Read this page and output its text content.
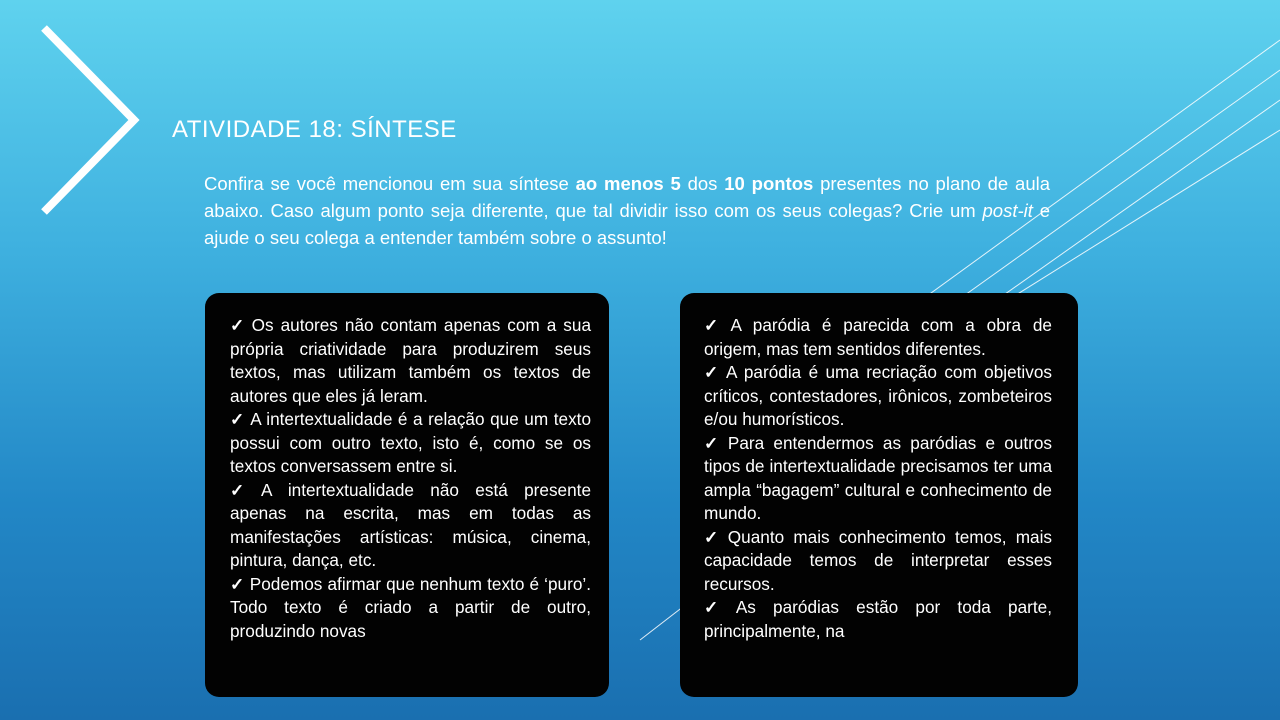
ATIVIDADE 18: SÍNTESE
Confira se você mencionou em sua síntese ao menos 5 dos 10 pontos presentes no plano de aula abaixo. Caso algum ponto seja diferente, que tal dividir isso com os seus colegas? Crie um post-it e ajude o seu colega a entender também sobre o assunto!
✓ Os autores não contam apenas com a sua própria criatividade para produzirem seus textos, mas utilizam também os textos de autores que eles já leram.
✓ A intertextualidade é a relação que um texto possui com outro texto, isto é, como se os textos conversassem entre si.
✓ A intertextualidade não está presente apenas na escrita, mas em todas as manifestações artísticas: música, cinema, pintura, dança, etc.
✓ Podemos afirmar que nenhum texto é ‘puro’. Todo texto é criado a partir de outro, produzindo novas
✓ A paródia é parecida com a obra de origem, mas tem sentidos diferentes.
✓ A paródia é uma recriação com objetivos críticos, contestadores, irônicos, zombeteiros e/ou humorísticos.
✓ Para entendermos as paródias e outros tipos de intertextualidade precisamos ter uma ampla “bagagem” cultural e conhecimento de mundo.
✓ Quanto mais conhecimento temos, mais capacidade temos de interpretar esses recursos.
✓ As paródias estão por toda parte, principalmente, na
